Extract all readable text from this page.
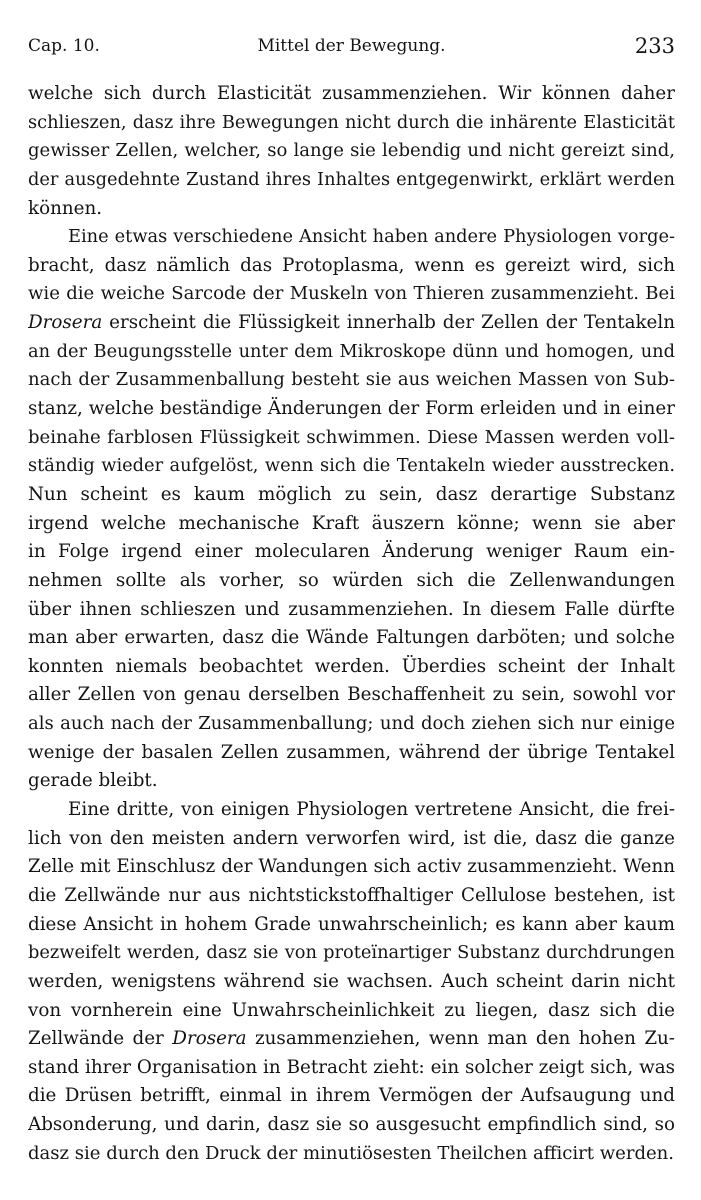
Cap. 10.	Mittel der Bewegung.	233
welche sich durch Elasticität zusammenziehen. Wir können daher
schlieszen, dasz ihre Bewegungen nicht durch die inhärente Elasticität
gewisser Zellen, welcher, so lange sie lebendig und nicht gereizt sind,
der ausgedehnte Zustand ihres Inhaltes entgegenwirkt, erklärt werden
können.
Eine etwas verschiedene Ansicht haben andere Physiologen vorge-
bracht, dasz nämlich das Protoplasma, wenn es gereizt wird, sich
wie die weiche Sarcode der Muskeln von Thieren zusammenzieht. Bei
Drosera erscheint die Flüssigkeit innerhalb der Zellen der Tentakeln
an der Beugungsstelle unter dem Mikroskope dünn und homogen, und
nach der Zusammenballung besteht sie aus weichen Massen von Sub-
stanz, welche beständige Änderungen der Form erleiden und in einer
beinahe farblosen Flüssigkeit schwimmen. Diese Massen werden voll-
ständig wieder aufgelöst, wenn sich die Tentakeln wieder ausstrecken.
Nun scheint es kaum möglich zu sein, dasz derartige Substanz
irgend welche mechanische Kraft äuszern könne; wenn sie aber
in Folge irgend einer molecularen Änderung weniger Raum ein-
nehmen sollte als vorher, so würden sich die Zellenwandungen
über ihnen schlieszen und zusammenziehen. In diesem Falle dürfte
man aber erwarten, dasz die Wände Faltungen darböten; und solche
konnten niemals beobachtet werden. Überdies scheint der Inhalt
aller Zellen von genau derselben Beschaffenheit zu sein, sowohl vor
als auch nach der Zusammenballung; und doch ziehen sich nur einige
wenige der basalen Zellen zusammen, während der übrige Tentakel
gerade bleibt.
Eine dritte, von einigen Physiologen vertretene Ansicht, die frei-
lich von den meisten andern verworfen wird, ist die, dasz die ganze
Zelle mit Einschlusz der Wandungen sich activ zusammenzieht. Wenn
die Zellwände nur aus nichtstickstoffhaltiger Cellulose bestehen, ist
diese Ansicht in hohem Grade unwahrscheinlich; es kann aber kaum
bezweifelt werden, dasz sie von proteïnartiger Substanz durchdrungen
werden, wenigstens während sie wachsen. Auch scheint darin nicht
von vornherein eine Unwahrscheinlichkeit zu liegen, dasz sich die
Zellwände der Drosera zusammenziehen, wenn man den hohen Zu-
stand ihrer Organisation in Betracht zieht: ein solcher zeigt sich, was
die Drüsen betrifft, einmal in ihrem Vermögen der Aufsaugung und
Absonderung, und darin, dasz sie so ausgesucht empfindlich sind, so
dasz sie durch den Druck der minutiösesten Theilchen afficirt werden.
